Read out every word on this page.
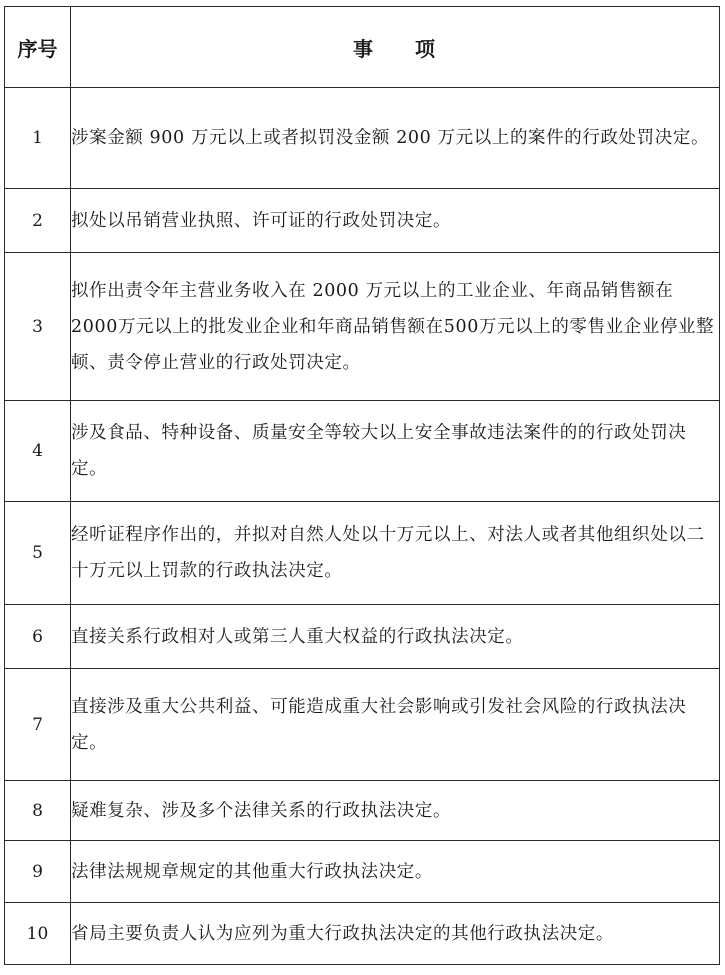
序号	事 项
1	涉案金额 900 万元以上或者拟罚没金额 200 万元以上的案件的行政处罚决定。
2	拟处以吊销营业执照、许可证的行政处罚决定。
3	拟作出责令年主营业务收入在 2000 万元以上的工业企业、年商品销售额在2000万元以上的批发业企业和年商品销售额在500万元以上的零售业企业停业整顿、责令停止营业的行政处罚决定。
4	涉及食品、特种设备、质量安全等较大以上安全事故违法案件的的行政处罚决定。
5	经听证程序作出的，并拟对自然人处以十万元以上、对法人或者其他组织处以二十万元以上罚款的行政执法决定。
6	直接关系行政相对人或第三人重大权益的行政执法决定。
7	直接涉及重大公共利益、可能造成重大社会影响或引发社会风险的行政执法决定。
8	疑难复杂、涉及多个法律关系的行政执法决定。
9	法律法规规章规定的其他重大行政执法决定。
10	省局主要负责人认为应列为重大行政执法决定的其他行政执法决定。
